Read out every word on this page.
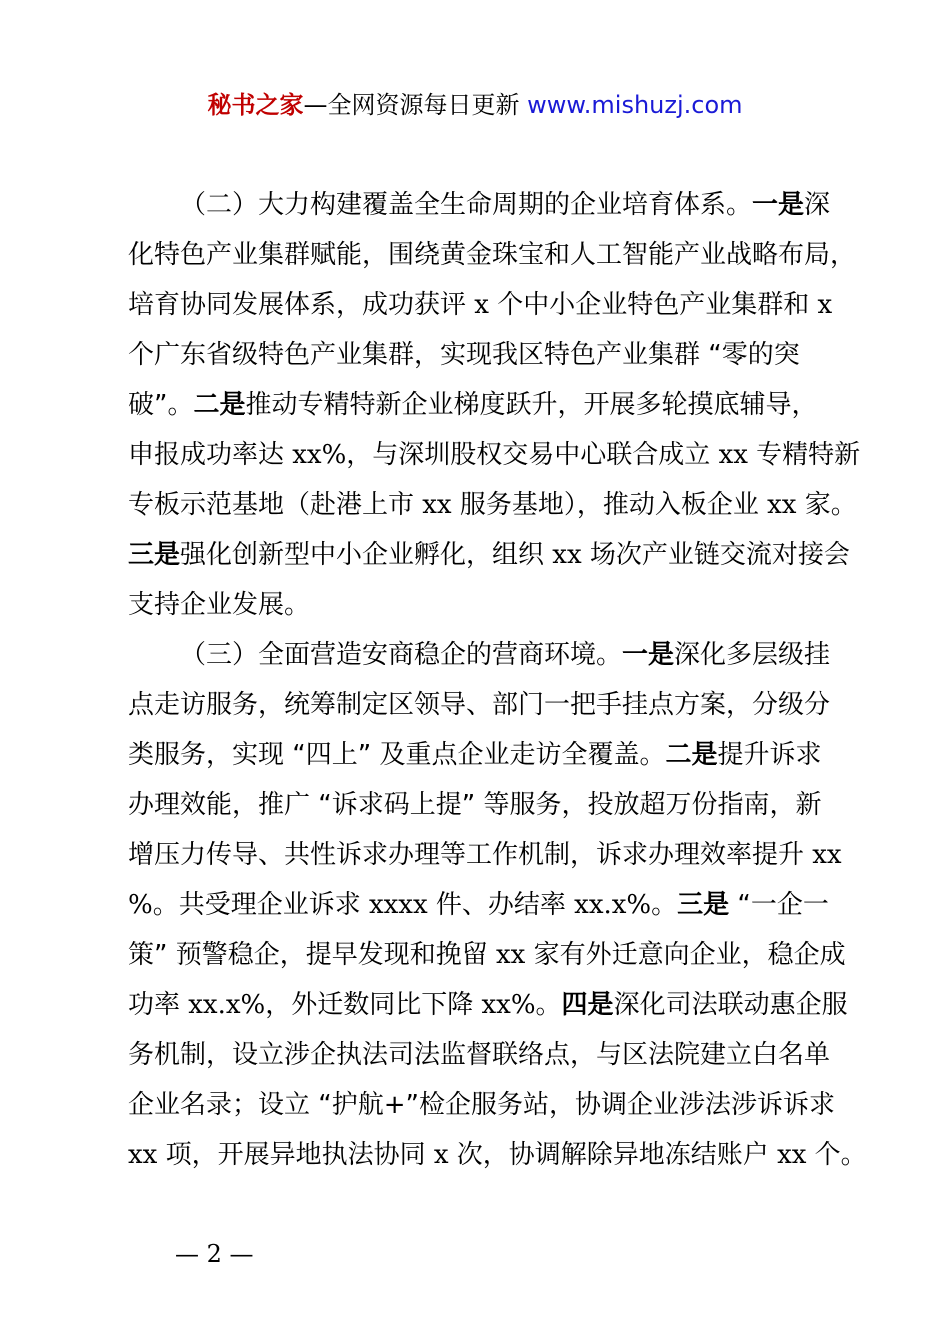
秘书之家—全网资源每日更新 www.mishuzj.com
（二）大力构建覆盖全生命周期的企业培育体系。一是深
化特色产业集群赋能，围绕黄金珠宝和人工智能产业战略布局，
培育协同发展体系，成功获评 x 个中小企业特色产业集群和 x
个广东省级特色产业集群，实现我区特色产业集群 “零的突
破”。二是推动专精特新企业梯度跃升，开展多轮摸底辅导，
申报成功率达 xx%，与深圳股权交易中心联合成立 xx 专精特新
专板示范基地（赴港上市 xx 服务基地），推动入板企业 xx 家。
三是强化创新型中小企业孵化，组织 xx 场次产业链交流对接会
支持企业发展。
（三）全面营造安商稳企的营商环境。一是深化多层级挂
点走访服务，统筹制定区领导、部门一把手挂点方案，分级分
类服务，实现 “四上” 及重点企业走访全覆盖。二是提升诉求
办理效能，推广 “诉求码上提” 等服务，投放超万份指南，新
增压力传导、共性诉求办理等工作机制，诉求办理效率提升 xx
%。共受理企业诉求 xxxx 件、办结率 xx.x%。三是 “一企一
策” 预警稳企，提早发现和挽留 xx 家有外迁意向企业，稳企成
功率 xx.x%，外迁数同比下降 xx%。四是深化司法联动惠企服
务机制，设立涉企执法司法监督联络点，与区法院建立白名单
企业名录；设立 “护航+”检企服务站，协调企业涉法涉诉诉求
xx 项，开展异地执法协同 x 次，协调解除异地冻结账户 xx 个。
— 2 —
